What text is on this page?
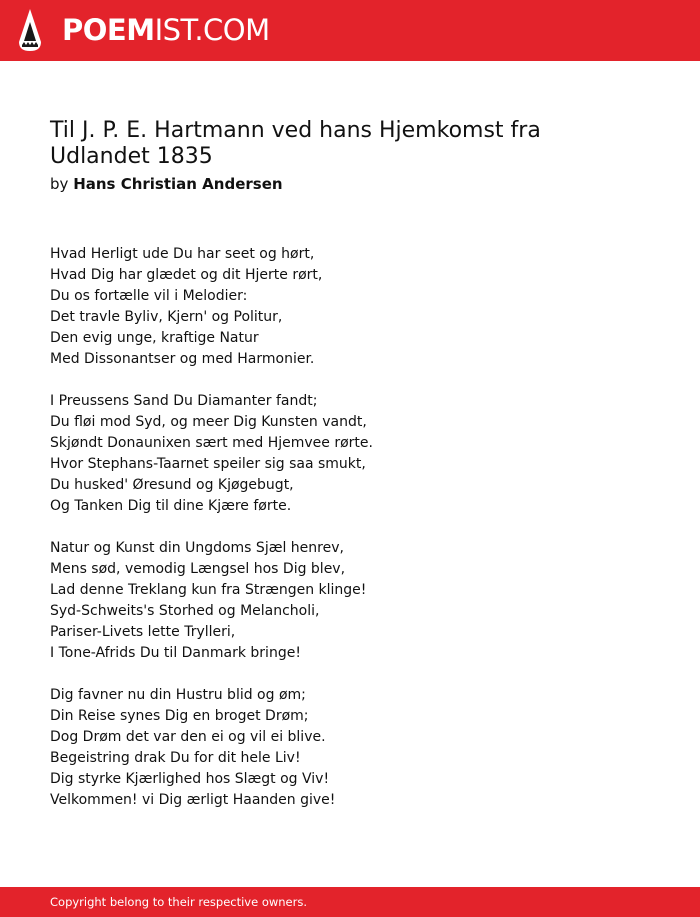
POEMIST.COM
Til J. P. E. Hartmann ved hans Hjemkomst fra Udlandet 1835
by Hans Christian Andersen
Hvad Herligt ude Du har seet og hørt,
Hvad Dig har glædet og dit Hjerte rørt,
Du os fortælle vil i Melodier:
Det travle Byliv, Kjern' og Politur,
Den evig unge, kraftige Natur
Med Dissonantser og med Harmonier.
I Preussens Sand Du Diamanter fandt;
Du fløi mod Syd, og meer Dig Kunsten vandt,
Skjøndt Donaunixen sært med Hjemvee rørte.
Hvor Stephans-Taarnet speiler sig saa smukt,
Du husked' Øresund og Kjøgebugt,
Og Tanken Dig til dine Kjære førte.
Natur og Kunst din Ungdoms Sjæl henrev,
Mens sød, vemodig Længsel hos Dig blev,
Lad denne Treklang kun fra Strængen klinge!
Syd-Schweits's Storhed og Melancholi,
Pariser-Livets lette Trylleri,
I Tone-Afrids Du til Danmark bringe!
Dig favner nu din Hustru blid og øm;
Din Reise synes Dig en broget Drøm;
Dog Drøm det var den ei og vil ei blive.
Begeistring drak Du for dit hele Liv!
Dig styrke Kjærlighed hos Slægt og Viv!
Velkommen! vi Dig ærligt Haanden give!
Copyright belong to their respective owners.
